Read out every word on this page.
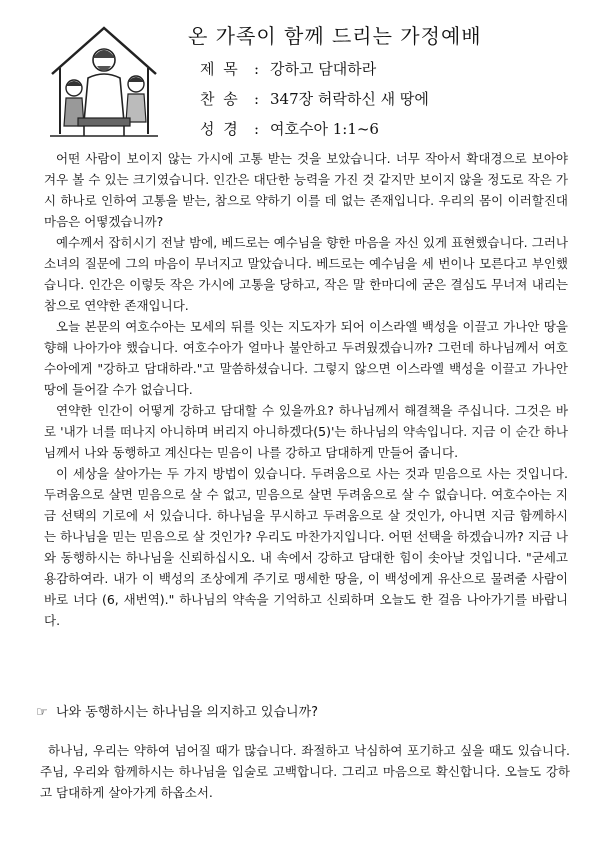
온 가족이 함께 드리는 가정예배
제 목 : 강하고 담대하라
찬 송 : 347장 허락하신 새 땅에
성 경 : 여호수아 1:1~6

어떤 사람이 보이지 않는 가시에 고통 받는 것을 보았습니다. 너무 작아서 확대경으로 보아야 겨우 볼 수 있는 크기였습니다. 인간은 대단한 능력을 가진 것 같지만 보이지 않을 정도로 작은 가시 하나로 인하여 고통을 받는, 참으로 약하기 이를 데 없는 존재입니다. 우리의 몸이 이러할진대 마음은 어떻겠습니까?

예수께서 잡히시기 전날 밤에, 베드로는 예수님을 향한 마음을 자신 있게 표현했습니다. 그러나 소녀의 질문에 그의 마음이 무너지고 말았습니다. 베드로는 예수님을 세 번이나 모른다고 부인했습니다. 인간은 이렇듯 작은 가시에 고통을 당하고, 작은 말 한마디에 굳은 결심도 무너져 내리는 참으로 연약한 존재입니다.

오늘 본문의 여호수아는 모세의 뒤를 잇는 지도자가 되어 이스라엘 백성을 이끌고 가나안 땅을 향해 나아가야 했습니다. 여호수아가 얼마나 불안하고 두려웠겠습니까? 그런데 하나님께서 여호수아에게 "강하고 담대하라."고 말씀하셨습니다. 그렇지 않으면 이스라엘 백성을 이끌고 가나안 땅에 들어갈 수가 없습니다.

연약한 인간이 어떻게 강하고 담대할 수 있을까요? 하나님께서 해결책을 주십니다. 그것은 바로 '내가 너를 떠나지 아니하며 버리지 아니하겠다(5)'는 하나님의 약속입니다. 지금 이 순간 하나님께서 나와 동행하고 계신다는 믿음이 나를 강하고 담대하게 만들어 줍니다.

이 세상을 살아가는 두 가지 방법이 있습니다. 두려움으로 사는 것과 믿음으로 사는 것입니다. 두려움으로 살면 믿음으로 살 수 없고, 믿음으로 살면 두려움으로 살 수 없습니다. 여호수아는 지금 선택의 기로에 서 있습니다. 하나님을 무시하고 두려움으로 살 것인가, 아니면 지금 함께하시는 하나님을 믿는 믿음으로 살 것인가? 우리도 마찬가지입니다. 어떤 선택을 하겠습니까? 지금 나와 동행하시는 하나님을 신뢰하십시오. 내 속에서 강하고 담대한 힘이 솟아날 것입니다. "굳세고 용감하여라. 내가 이 백성의 조상에게 주기로 맹세한 땅을, 이 백성에게 유산으로 물려줄 사람이 바로 너다 (6, 새번역)." 하나님의 약속을 기억하고 신뢰하며 오늘도 한 걸음 나아가기를 바랍니다.

☞ 나와 동행하시는 하나님을 의지하고 있습니까?

하나님, 우리는 약하여 넘어질 때가 많습니다. 좌절하고 낙심하여 포기하고 싶을 때도 있습니다. 주님, 우리와 함께하시는 하나님을 입술로 고백합니다. 그리고 마음으로 확신합니다. 오늘도 강하고 담대하게 살아가게 하옵소서.
